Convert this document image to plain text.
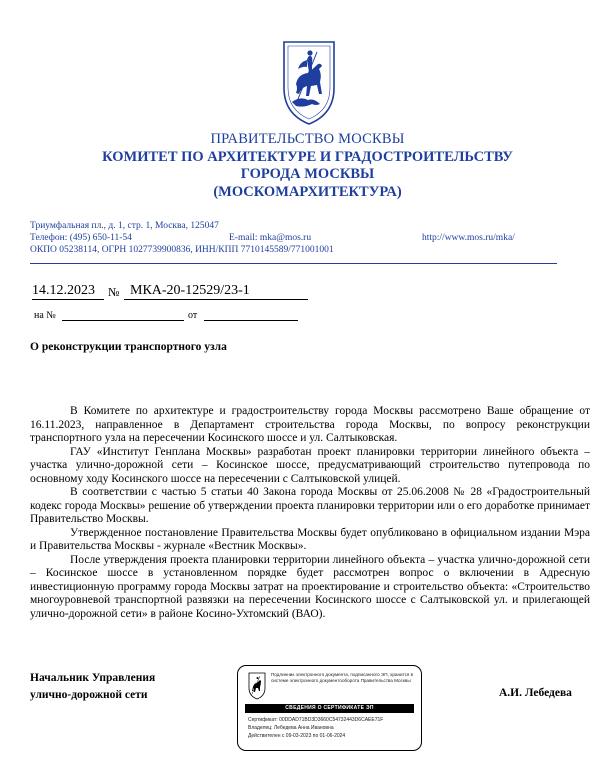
ПРАВИТЕЛЬСТВО МОСКВЫ
КОМИТЕТ ПО АРХИТЕКТУРЕ И ГРАДОСТРОИТЕЛЬСТВУ
ГОРОДА МОСКВЫ
(МОСКОМАРХИТЕКТУРА)
Триумфальная пл., д. 1, стр. 1, Москва, 125047
Телефон: (495) 650-11-54	E-mail: mka@mos.ru	http://www.mos.ru/mka/
ОКПО 05238114, ОГРН 1027739900836, ИНН/КПП 7710145589/771001001
14.12.2023	№ МКА-20-12529/23-1
на №	от
О реконструкции транспортного узла

В Комитете по архитектуре и градостроительству города Москвы рассмотрено Ваше обращение от 16.11.2023, направленное в Департамент строительства города Москвы, по вопросу реконструкции транспортного узла на пересечении Косинского шоссе и ул. Салтыковская.

ГАУ «Институт Генплана Москвы» разработан проект планировки территории линейного объекта – участка улично-дорожной сети – Косинское шоссе, предусматривающий строительство путепровода по основному ходу Косинского шоссе на пересечении с Салтыковской улицей.

В соответствии с частью 5 статьи 40 Закона города Москвы от 25.06.2008 № 28 «Градостроительный кодекс города Москвы» решение об утверждении проекта планировки территории или о его доработке принимает Правительство Москвы.

Утвержденное постановление Правительства Москвы будет опубликовано в официальном издании Мэра и Правительства Москвы - журнале «Вестник Москвы».

После утверждения проекта планировки территории линейного объекта – участка улично-дорожной сети – Косинское шоссе в установленном порядке будет рассмотрен вопрос о включении в Адресную инвестиционную программу города Москвы затрат на проектирование и строительство объекта: «Строительство многоуровневой транспортной развязки на пересечении Косинского шоссе с Салтыковской ул. и прилегающей улично-дорожной сети» в районе Косино-Ухтомский (ВАО).

Начальник Управления
улично-дорожной сети
Подлинник электронного документа, подписанного ЭП, хранится в системе электронного документооборота Правительства Москвы
СВЕДЕНИЯ О СЕРТИФИКАТЕ ЭП
Сертификат: 00DDAD71BD3D3660C54732443D6CAEE71F
Владелец: Лебедева Анна Ивановна
Действителен с 09-03-2023 по 01-06-2024
А.И. Лебедева
